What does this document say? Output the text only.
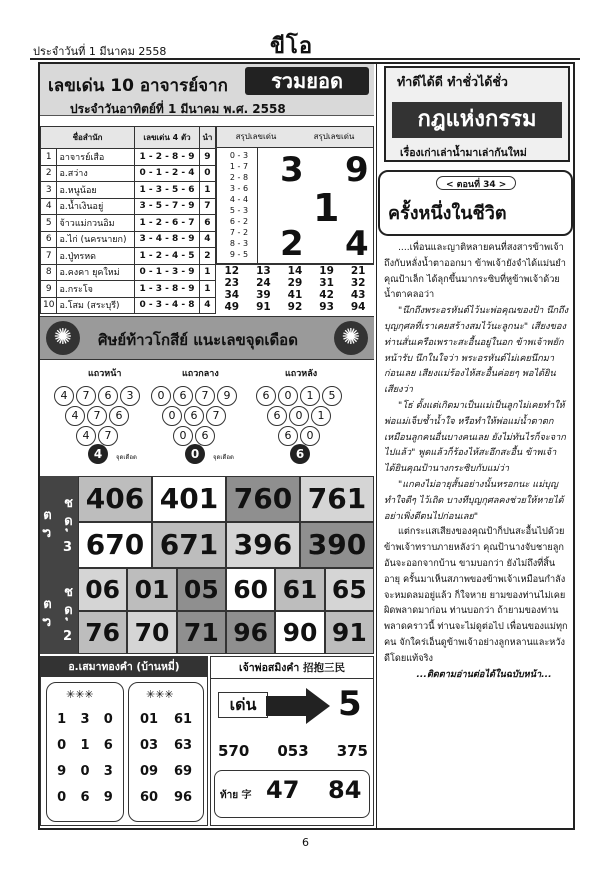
ประจำวันที่ 1 มีนาคม 2558	ขีโอ
เลขเด่น 10 อาจารย์จาก	รวมยอด
ประจำวันอาทิตย์ที่ 1 มีนาคม พ.ศ. 2558
ชื่อสำนัก		เลขเด่น 4 ตัว	นำ
1	อาจารย์เสือ	1 - 2 - 8 - 9	9
2	อ.สว่าง	0 - 1 - 2 - 4	0
3	อ.หนูน้อย	1 - 3 - 5 - 6	1
4	อ.น้ำเงินอยู่	3 - 5 - 7 - 9	7
5	จ้าวแม่กวนอิม	1 - 2 - 6 - 7	6
6	อ.ไก่ (นครนายก)	3 - 4 - 8 - 9	4
7	อ.ปู่ทรหด	1 - 2 - 4 - 5	2
8	อ.คงคา ยุคใหม่	0 - 1 - 3 - 9	1
9	อ.กระโจ	1 - 3 - 8 - 9	1
10	อ.โสม (สระบุรี)	0 - 3 - 4 - 8	4
สรุปเลขเด่น	สรุปเลขเด่น
0 - 3
1 - 7
2 - 8
3 - 6
4 - 4
5 - 3
6 - 2
7 - 2
8 - 3
9 - 5
3 9
1
2 4
12	13	14	19	21
23	24	29	31	32
34	39	41	42	43
49	91	92	93	94
✺	✺
ศิษย์ท้าวโกสีย์ แนะเลขจุดเดือด
แถวหน้า	แถวกลาง	แถวหลัง
4	7	6	3
4	7	6
4	7
4	จุดเดือด
0	6	7	9
0	6	7
0	6
0	จุดเดือด
6	0	1	5
6	0	1
6	0
6
ชุด 3 ตัว
406 401 760 761
670 671 396 390
ชุด 2 ตัว
06 01 05 60 61 65
76 70 71 96 90 91
อ.เสมาทองคำ (บ้านหมี่)
✳✳✳	✳✳✳
1 3 0
0 1 6
9 0 3
0 6 9
01 61
03 63
09 69
60 96
เจ้าพ่อสมิงคำ 招抱三民
เด่น	5
570 053 375
ท้าย 字 47 84
ทำดีได้ดี ทำชั่วได้ชั่ว
กฎแห่งกรรม
เรื่องเก่าเล่าน้ำมาเล่ากันใหม่
< ตอนที่ 34 >
ครั้งหนึ่งในชีวิต

....เพื่อนและญาติหลายคนที่สงสารข้าพเจ้าถึงกับหลั่งน้ำตาออกมา ข้าพเจ้ายังจำได้แม่นยำ คุณป้าเล็ก ได้ลุกขึ้นมากระซิบที่หูข้าพเจ้าด้วยน้ำตาคลอว่า

"นึกถึงพระอรหันต์ไว้นะพ่อคุณของป้า นึกถึงบุญกุศลที่เราเคยสร้างสมไว้นะลูกนะ" เสียงของท่านสั่นเครือเพราะสะอื้นอยู่ในอก ข้าพเจ้าพยักหน้ารับ นึกในใจว่า พระอรหันต์ไม่เคยนึกมาก่อนเลย เสียงแม่ร้องไห้สะอื้นค่อยๆ พอได้ยินเสียงว่า

"โธ่ ตั้งแต่เกิดมาเป็นแม่เป็นลูกไม่เคยทำให้พ่อแม่เจ็บช้ำน้ำใจ หรือทำให้พ่อแม่น้ำตาตกเหมือนลูกคนอื่นบางคนเลย ยังไม่ทันไรก็จะจากไปแล้ว" พูดแล้วก็ร้องไห้สะอึกสะอื้น ข้าพเจ้าได้ยินคุณป้านางกระซิบกับแม่ว่า

"แกคงไม่อายุสั้นอย่างนั้นหรอกนะ แม่บุญทำใจดีๆ ไว้เถิด บางทีบุญกุศลคงช่วยให้หายได้ อย่าเพิ่งตีตนไปก่อนเลย"

แต่กระแสเสียงของคุณป้าก็ปนสะอื้นไปด้วย ข้าพเจ้าทราบภายหลังว่า คุณป้านางจับชายลูกอันจะออกจากบ้าน ขามบอกว่า ยังไม่ถึงที่สิ้นอายุ ครั้นมาเห็นสภาพของข้าพเจ้าเหมือนกำลังจะหมดลมอยู่แล้ว ก็ใจหาย ยามของท่านไม่เคยผิดพลาดมาก่อน ท่านบอกว่า ถ้ายามของท่านพลาดคราวนี้ ท่านจะไม่ดูต่อไป เพื่อนของแม่ทุกคน จักใคร่เอ็นดูข้าพเจ้าอย่างลูกหลานและหวังดีโดยแท้จริง

...ติดตามอ่านต่อได้ในฉบับหน้า...

6
